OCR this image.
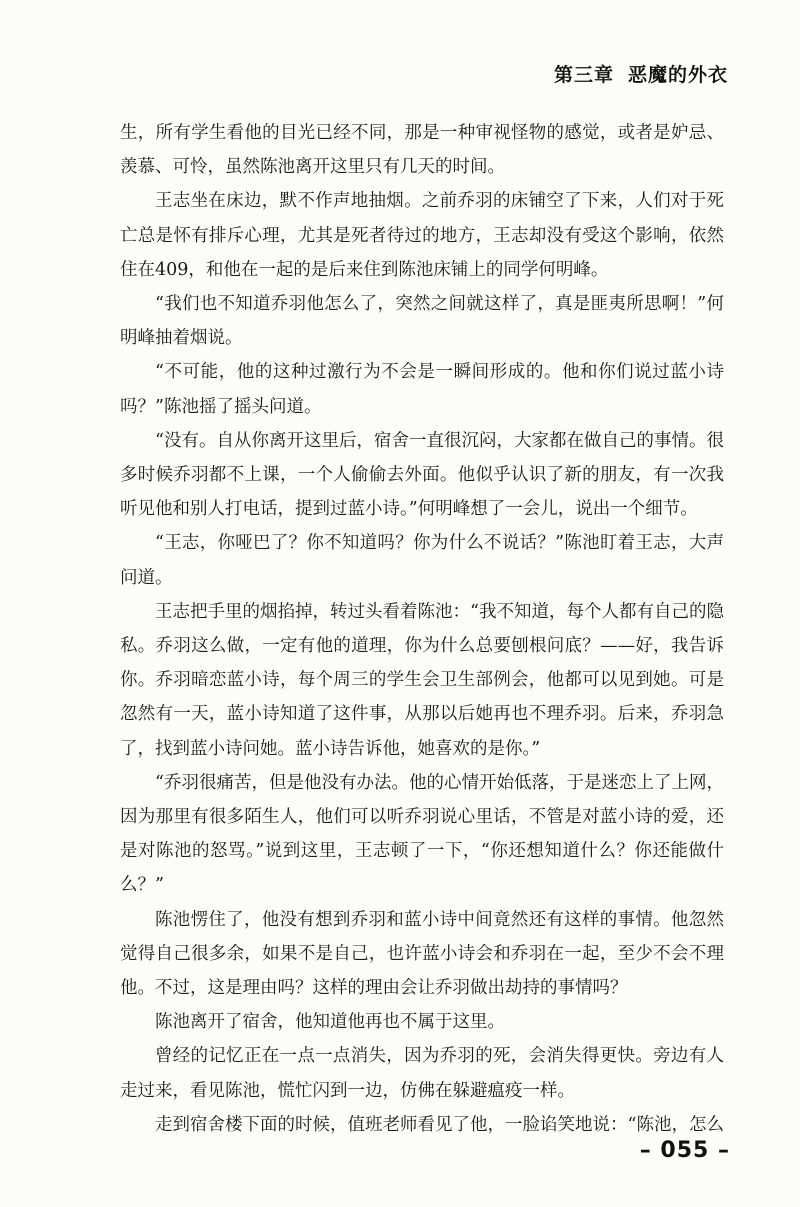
第三章 恶魔的外衣

生，所有学生看他的目光已经不同，那是一种审视怪物的感觉，或者是妒忌、羡慕、可怜，虽然陈池离开这里只有几天的时间。

王志坐在床边，默不作声地抽烟。之前乔羽的床铺空了下来，人们对于死亡总是怀有排斥心理，尤其是死者待过的地方，王志却没有受这个影响，依然住在409，和他在一起的是后来住到陈池床铺上的同学何明峰。

“我们也不知道乔羽他怎么了，突然之间就这样了，真是匪夷所思啊！”何明峰抽着烟说。

“不可能，他的这种过激行为不会是一瞬间形成的。他和你们说过蓝小诗吗？”陈池摇了摇头问道。

“没有。自从你离开这里后，宿舍一直很沉闷，大家都在做自己的事情。很多时候乔羽都不上课，一个人偷偷去外面。他似乎认识了新的朋友，有一次我听见他和别人打电话，提到过蓝小诗。”何明峰想了一会儿，说出一个细节。

“王志，你哑巴了？你不知道吗？你为什么不说话？”陈池盯着王志，大声问道。

王志把手里的烟掐掉，转过头看着陈池：“我不知道，每个人都有自己的隐私。乔羽这么做，一定有他的道理，你为什么总要刨根问底？——好，我告诉你。乔羽暗恋蓝小诗，每个周三的学生会卫生部例会，他都可以见到她。可是忽然有一天，蓝小诗知道了这件事，从那以后她再也不理乔羽。后来，乔羽急了，找到蓝小诗问她。蓝小诗告诉他，她喜欢的是你。”

“乔羽很痛苦，但是他没有办法。他的心情开始低落，于是迷恋上了上网，因为那里有很多陌生人，他们可以听乔羽说心里话，不管是对蓝小诗的爱，还是对陈池的怒骂。”说到这里，王志顿了一下，“你还想知道什么？你还能做什么？”

陈池愣住了，他没有想到乔羽和蓝小诗中间竟然还有这样的事情。他忽然觉得自己很多余，如果不是自己，也许蓝小诗会和乔羽在一起，至少不会不理他。不过，这是理由吗？这样的理由会让乔羽做出劫持的事情吗？

陈池离开了宿舍，他知道他再也不属于这里。

曾经的记忆正在一点一点消失，因为乔羽的死，会消失得更快。旁边有人走过来，看见陈池，慌忙闪到一边，仿佛在躲避瘟疫一样。

走到宿舍楼下面的时候，值班老师看见了他，一脸谄笑地说：“陈池，怎么

– 055 –
